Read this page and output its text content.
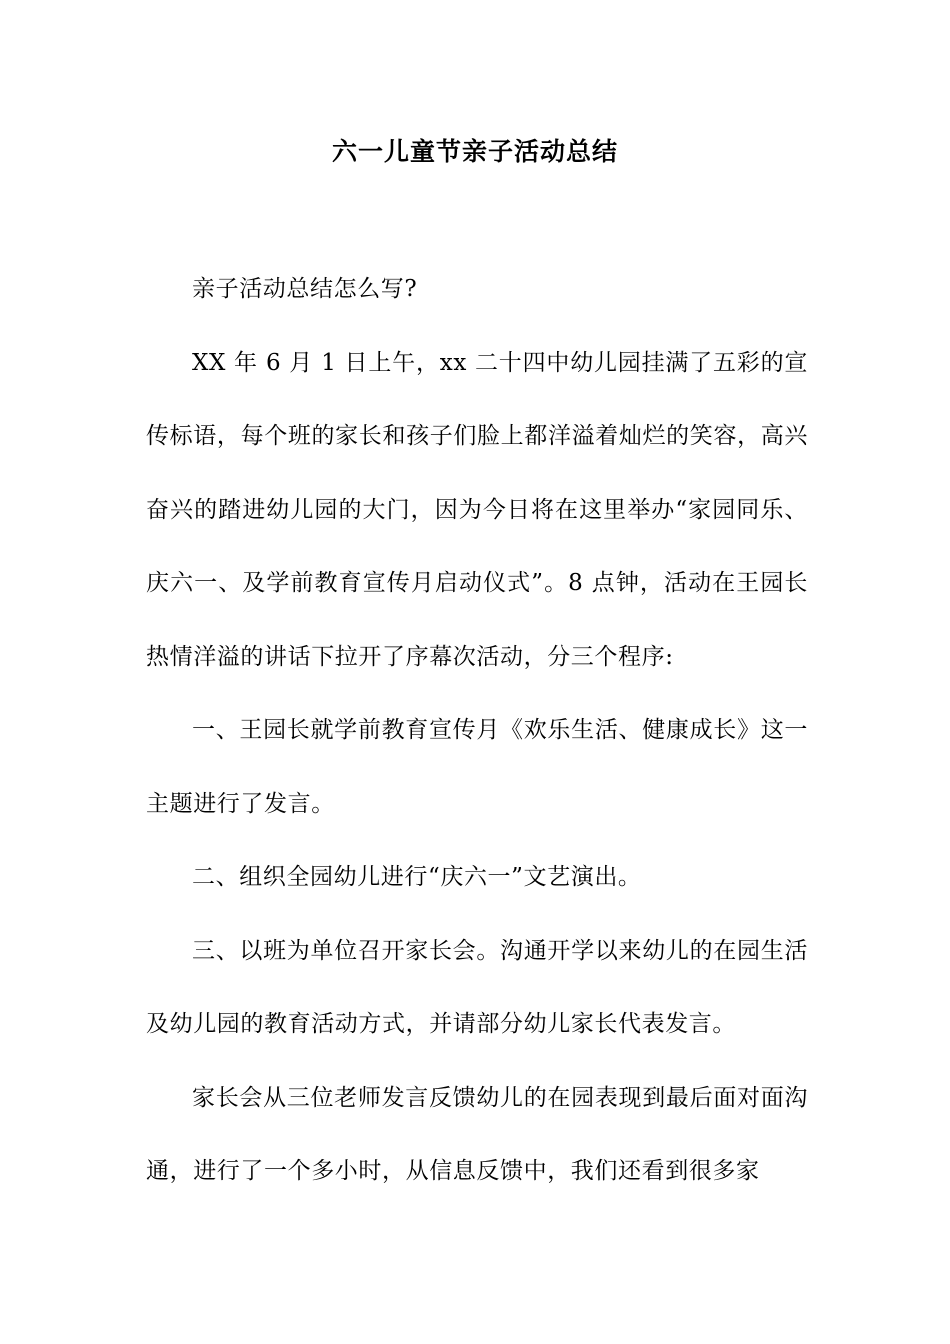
六一儿童节亲子活动总结

亲子活动总结怎么写?

XX 年 6 月 1 日上午，xx 二十四中幼儿园挂满了五彩的宣传标语，每个班的家长和孩子们脸上都洋溢着灿烂的笑容，高兴奋兴的踏进幼儿园的大门，因为今日将在这里举办“家园同乐、庆六一、及学前教育宣传月启动仪式”。8 点钟，活动在王园长热情洋溢的讲话下拉开了序幕次活动，分三个程序:

一、王园长就学前教育宣传月《欢乐生活、健康成长》这一主题进行了发言。

二、组织全园幼儿进行“庆六一”文艺演出。

三、以班为单位召开家长会。沟通开学以来幼儿的在园生活及幼儿园的教育活动方式，并请部分幼儿家长代表发言。

家长会从三位老师发言反馈幼儿的在园表现到最后面对面沟通，进行了一个多小时，从信息反馈中，我们还看到很多家
